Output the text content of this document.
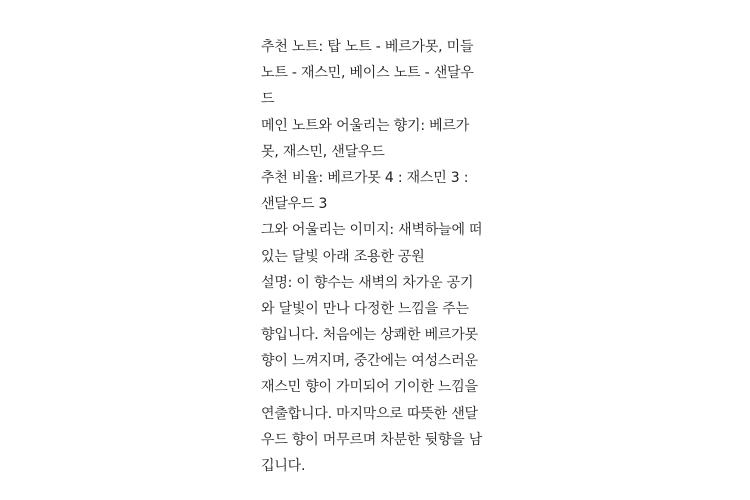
추천 노트: 탑 노트 - 베르가못, 미들
노트 - 재스민, 베이스 노트 - 샌달우
드
메인 노트와 어울리는 향기: 베르가
못, 재스민, 샌달우드
추천 비율: 베르가못 4 : 재스민 3 :
샌달우드 3
그와 어울리는 이미지: 새벽하늘에 떠
있는 달빛 아래 조용한 공원
설명: 이 향수는 새벽의 차가운 공기
와 달빛이 만나 다정한 느낌을 주는
향입니다. 처음에는 상쾌한 베르가못
향이 느껴지며, 중간에는 여성스러운
재스민 향이 가미되어 기이한 느낌을
연출합니다. 마지막으로 따뜻한 샌달
우드 향이 머무르며 차분한 뒷향을 남
깁니다.
